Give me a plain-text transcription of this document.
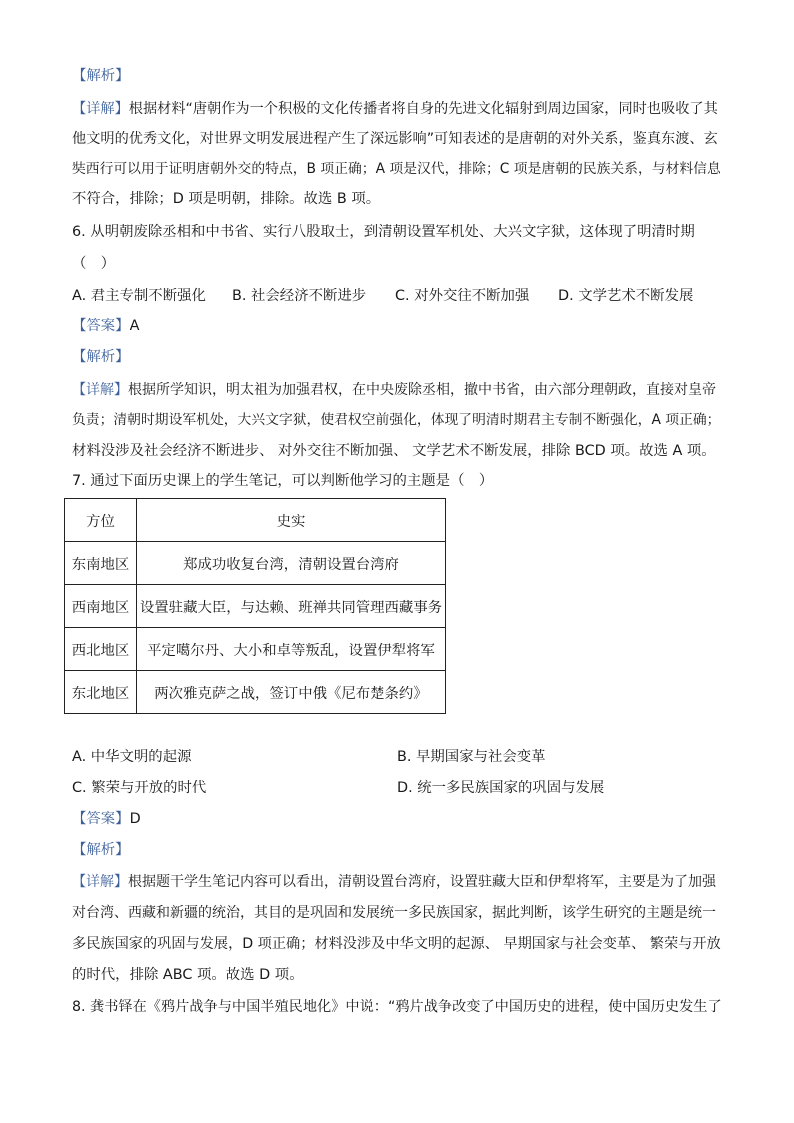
【解析】
【详解】根据材料“唐朝作为一个积极的文化传播者将自身的先进文化辐射到周边国家，同时也吸收了其
他文明的优秀文化，对世界文明发展进程产生了深远影响”可知表述的是唐朝的对外关系，鉴真东渡、玄
奘西行可以用于证明唐朝外交的特点，B 项正确；A 项是汉代，排除；C 项是唐朝的民族关系，与材料信息
不符合，排除；D 项是明朝，排除。故选 B 项。
6. 从明朝废除丞相和中书省、实行八股取士，到清朝设置军机处、大兴文字狱，这体现了明清时期
（　）
A. 君主专制不断强化 B. 社会经济不断进步 C. 对外交往不断加强 D. 文学艺术不断发展
【答案】A
【解析】
【详解】根据所学知识，明太祖为加强君权，在中央废除丞相，撤中书省，由六部分理朝政，直接对皇帝
负责；清朝时期设军机处，大兴文字狱，使君权空前强化，体现了明清时期君主专制不断强化，A 项正确；
材料没涉及社会经济不断进步、 对外交往不断加强、 文学艺术不断发展，排除 BCD 项。故选 A 项。
7. 通过下面历史课上的学生笔记，可以判断他学习的主题是（　）
方位	史实
东南地区	郑成功收复台湾，清朝设置台湾府
西南地区	设置驻藏大臣，与达赖、班禅共同管理西藏事务
西北地区	平定噶尔丹、大小和卓等叛乱，设置伊犁将军
东北地区	两次雅克萨之战，签订中俄《尼布楚条约》
A. 中华文明的起源	B. 早期国家与社会变革
C. 繁荣与开放的时代	D. 统一多民族国家的巩固与发展
【答案】D
【解析】
【详解】根据题干学生笔记内容可以看出，清朝设置台湾府，设置驻藏大臣和伊犁将军，主要是为了加强
对台湾、西藏和新疆的统治，其目的是巩固和发展统一多民族国家，据此判断，该学生研究的主题是统一
多民族国家的巩固与发展，D 项正确；材料没涉及中华文明的起源、 早期国家与社会变革、 繁荣与开放
的时代，排除 ABC 项。故选 D 项。
8. 龚书铎在《鸦片战争与中国半殖民地化》中说：“鸦片战争改变了中国历史的进程，使中国历史发生了
